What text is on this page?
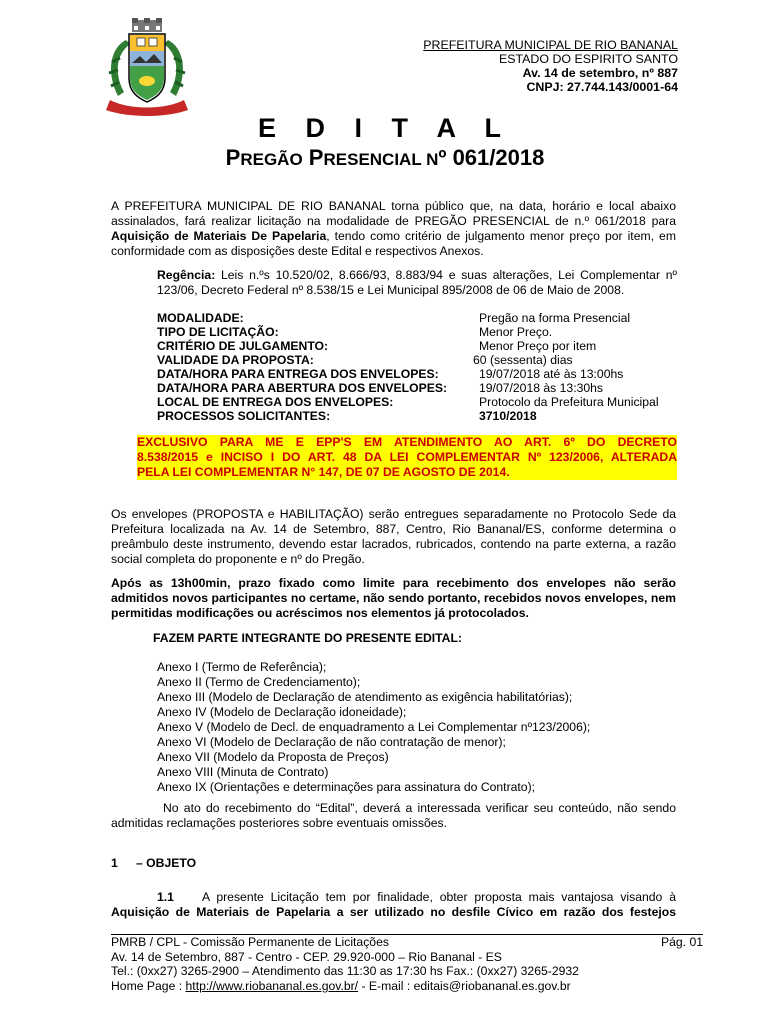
PREFEITURA MUNICIPAL DE RIO BANANAL
ESTADO DO ESPIRITO SANTO
Av. 14 de setembro, nº 887
CNPJ: 27.744.143/0001-64
E D I T A L
PREGÃO PRESENCIAL Nº 061/2018
A PREFEITURA MUNICIPAL DE RIO BANANAL torna público que, na data, horário e local abaixo assinalados, fará realizar licitação na modalidade de PREGÃO PRESENCIAL de n.º 061/2018 para Aquisição de Materiais De Papelaria, tendo como critério de julgamento menor preço por item, em conformidade com as disposições deste Edital e respectivos Anexos.
Regência: Leis n.ºs 10.520/02, 8.666/93, 8.883/94 e suas alterações, Lei Complementar nº 123/06, Decreto Federal nº 8.538/15 e Lei Municipal 895/2008 de 06 de Maio de 2008.
MODALIDADE:	Pregão na forma Presencial
TIPO DE LICITAÇÃO:	Menor Preço.
CRITÉRIO DE JULGAMENTO:	Menor Preço por item
VALIDADE DA PROPOSTA:	60 (sessenta) dias
DATA/HORA PARA ENTREGA DOS ENVELOPES:	19/07/2018 até às 13:00hs
DATA/HORA PARA ABERTURA DOS ENVELOPES:	19/07/2018 às 13:30hs
LOCAL DE ENTREGA DOS ENVELOPES:	Protocolo da Prefeitura Municipal
PROCESSOS SOLICITANTES:	3710/2018
EXCLUSIVO PARA ME E EPP'S EM ATENDIMENTO AO ART. 6º DO DECRETO
8.538/2015 e INCISO I DO ART. 48 DA LEI COMPLEMENTAR Nº 123/2006, ALTERADA
PELA LEI COMPLEMENTAR N° 147, DE 07 DE AGOSTO DE 2014.
Os envelopes (PROPOSTA e HABILITAÇÃO) serão entregues separadamente no Protocolo Sede da Prefeitura localizada na Av. 14 de Setembro, 887, Centro, Rio Bananal/ES, conforme determina o preâmbulo deste instrumento, devendo estar lacrados, rubricados, contendo na parte externa, a razão social completa do proponente e nº do Pregão.
Após as 13h00min, prazo fixado como limite para recebimento dos envelopes não serão admitidos novos participantes no certame, não sendo portanto, recebidos novos envelopes, nem permitidas modificações ou acréscimos nos elementos já protocolados.
FAZEM PARTE INTEGRANTE DO PRESENTE EDITAL:
Anexo I (Termo de Referência);
Anexo II (Termo de Credenciamento);
Anexo III (Modelo de Declaração de atendimento as exigência habilitatórias);
Anexo IV (Modelo de Declaração idoneidade);
Anexo V (Modelo de Decl. de enquadramento a Lei Complementar nº123/2006);
Anexo VI (Modelo de Declaração de não contratação de menor);
Anexo VII (Modelo da Proposta de Preços)
Anexo VIII (Minuta de Contrato)
Anexo IX (Orientações e determinações para assinatura do Contrato);
No ato do recebimento do “Edital”, deverá a interessada verificar seu conteúdo, não sendo admitidas reclamações posteriores sobre eventuais omissões.
1 – OBJETO
1.1 A presente Licitação tem por finalidade, obter proposta mais vantajosa visando à
Aquisição de Materiais de Papelaria a ser utilizado no desfile Cívico em razão dos festejos
PMRB / CPL - Comissão Permanente de Licitações	Pág. 01
Av. 14 de Setembro, 887 - Centro - CEP. 29.920-000 – Rio Bananal - ES
Tel.: (0xx27) 3265-2900 – Atendimento das 11:30 as 17:30 hs Fax.: (0xx27) 3265-2932
Home Page : http://www.riobananal.es.gov.br/ - E-mail : editais@riobananal.es.gov.br
